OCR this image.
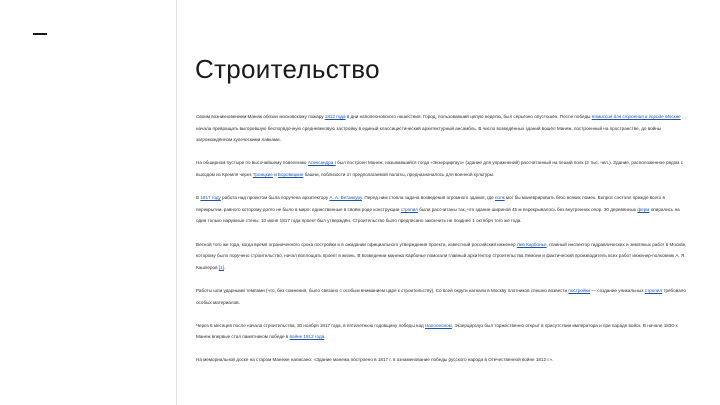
Строительство

Своим возникновением Манеж обязан московскому пожару 1812 года в дни наполеоновского нашествия. Город, пользовавший целую неделю, был серьёзно опустошён. После победы Комиссия для строения в городе Москве начала превращать выгоревшую беспорядочную средневековую застройку в единый классицистический архитектурный ансамбль. В число возведённых зданий вошёл Манеж, построенный на пространстве, до войны загромождённом купеческими лавками.

На обширном пустыре по высочайшему повелению Александра I был построен Манеж, называвшийся тогда «Экзерциргауз» (здание для упражнений) рассчитанный на пеший полк (2 тыс. чел.). Здание, расположенное рядом с выходом из Кремля через Троицкие и Боровицкие башни, поблизости от предполагаемой палаты, предназначалось для военной культуры.

В 1817 году работа над проектом была поручена архитектору А. А. Бетанкуру. Перед ним стояла задача возведения огромного здания, где полк мог бы маневрировать безо всяких помех. Вопрос состоял прежде всего в перекрытии, равного которому долго не было в мире: единственные в своём роде конструкции стропил были рассчитаны так, что здание шириной 45 м перекрывалось без внутренних опор. 30 деревянных ферм опирались на один только наружные стены. 10 июня 1817 года проект был утверждён. Строительство было предписано закончить не позднее 1 октября того же года.

Весной того же года, когда время ограниченного срока постройки и в ожидании официального утверждения проекта, известный российский инженер Лев Карбонье, главный инспектор гидравлических и земляных работ в Москве, которому было поручено строительство, начал воплощать проект в жизнь. В возведении манежа Карбонье помогали главный архитектор строительства Лемони и фактический производитель всех работ инженер-полковник А. Я. Кашперов [1].

Работы шли ударными темпами (что, без сомнения, было связано с особым вниманием царя к строительству). Со всей округи нагнали в Москву плотников спешно возвести постройки — создание уникальных стропил требовало особых материалов.

Через 6 месяцев после начала строительства, 30 ноября 1817 года, в пятилетнюю годовщину победы над Наполеоном, Экзерциргауз был торжественно открыт в присутствии императора и при параде войск. В начале 1830-х Манеж впервые стал памятником победе в войне 1812 года.

На мемориальной доске на старом Манеже написано: «Здание манежа построено в 1817 г. в ознаменование победы русского народа в Отечественной войне 1812 г.».
